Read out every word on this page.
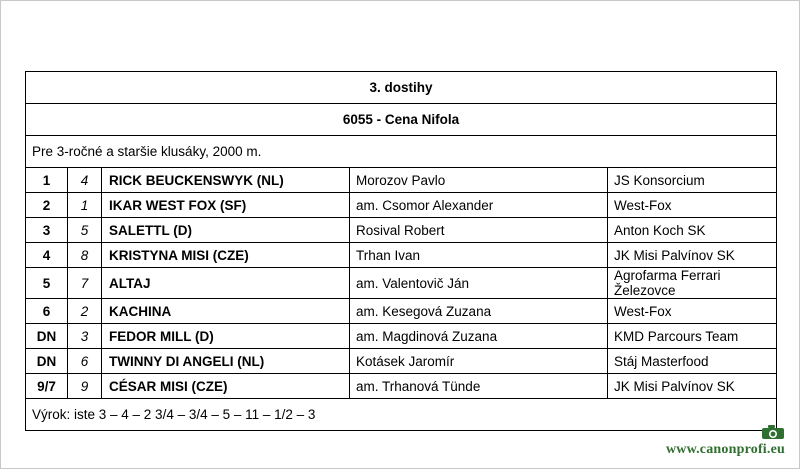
3. dostihy				
6055 - Cena Nifola				
Pre 3-ročné a staršie klusáky, 2000 m.				
1	4	RICK BEUCKENSWYK (NL)	Morozov Pavlo	JS Konsorcium
2	1	IKAR WEST FOX (SF)	am. Csomor Alexander	West-Fox
3	5	SALETTL (D)	Rosival Robert	Anton Koch SK
4	8	KRISTYNA MISI (CZE)	Trhan Ivan	JK Misi Palvínov SK
5	7	ALTAJ	am. Valentovič Ján	Agrofarma Ferrari Železovce
6	2	KACHINA	am. Kesegová Zuzana	West-Fox
DN	3	FEDOR MILL (D)	am. Magdinová Zuzana	KMD Parcours Team
DN	6	TWINNY DI ANGELI (NL)	Kotásek Jaromír	Stáj Masterfood
9/7	9	CÉSAR MISI (CZE)	am. Trhanová Tünde	JK Misi Palvínov SK
Výrok: iste 3 – 4 – 2 3/4 – 3/4 – 5 – 11 – 1/2 – 3				
www.canonprofi.eu
